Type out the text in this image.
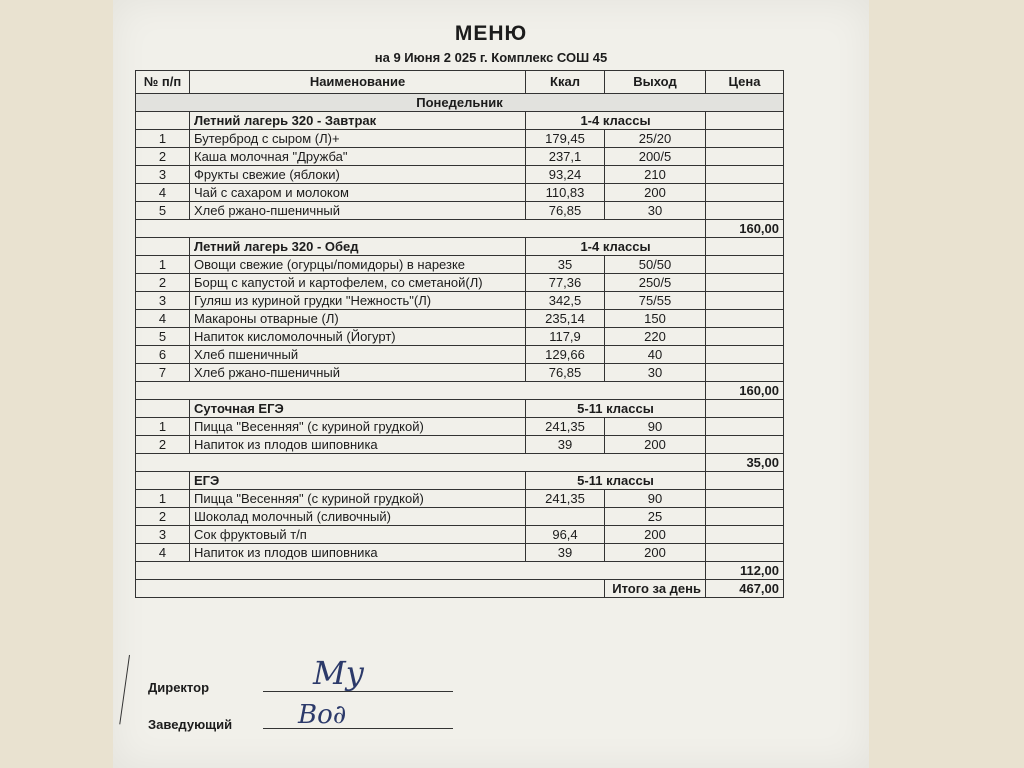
МЕНЮ
на 9 Июня 2 025 г. Комплекс СОШ 45
№ п/п	Наименование	Ккал	Выход	Цена
Понедельник				
	Летний лагерь 320 - Завтрак	1-4 классы		
1	Бутерброд с сыром (Л)+	179,45	25/20	
2	Каша молочная "Дружба"	237,1	200/5	
3	Фрукты свежие (яблоки)	93,24	210	
4	Чай с сахаром и молоком	110,83	200	
5	Хлеб ржано-пшеничный	76,85	30	
				160,00
	Летний лагерь 320 - Обед	1-4 классы		
1	Овощи свежие (огурцы/помидоры) в нарезке	35	50/50	
2	Борщ с капустой и картофелем, со сметаной(Л)	77,36	250/5	
3	Гуляш из куриной грудки "Нежность"(Л)	342,5	75/55	
4	Макароны отварные (Л)	235,14	150	
5	Напиток кисломолочный (Йогурт)	117,9	220	
6	Хлеб пшеничный	129,66	40	
7	Хлеб ржано-пшеничный	76,85	30	
				160,00
	Суточная ЕГЭ	5-11 классы		
1	Пицца "Весенняя" (с куриной грудкой)	241,35	90	
2	Напиток из плодов шиповника	39	200	
				35,00
	ЕГЭ	5-11 классы		
1	Пицца "Весенняя" (с куриной грудкой)	241,35	90	
2	Шоколад молочный (сливочный)		25	
3	Сок фруктовый т/п	96,4	200	
4	Напиток из плодов шиповника	39	200	
				112,00
			Итого за день	467,00
Директор	Μy
Заведующий	Bo∂
